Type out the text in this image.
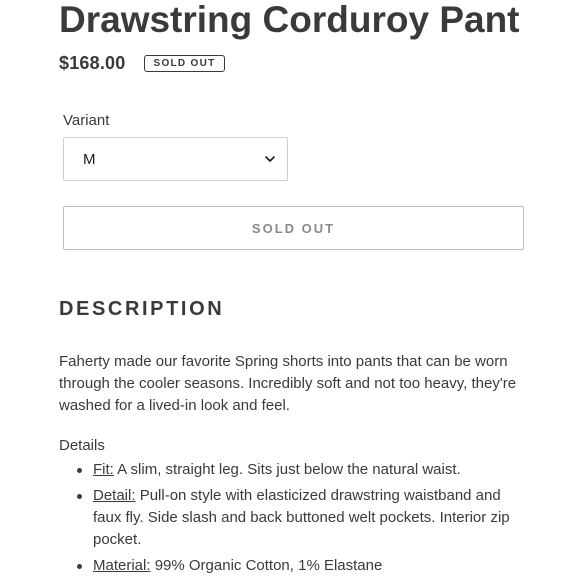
Drawstring Corduroy Pant
$168.00	SOLD OUT
Variant
M
SOLD OUT
DESCRIPTION

Faherty made our favorite Spring shorts into pants that can be worn through the cooler seasons. Incredibly soft and not too heavy, they're washed for a lived-in look and feel.

Details
Fit: A slim, straight leg. Sits just below the natural waist.
Detail: Pull-on style with elasticized drawstring waistband and faux fly. Side slash and back buttoned welt pockets. Interior zip pocket.
Material: 99% Organic Cotton, 1% Elastane
